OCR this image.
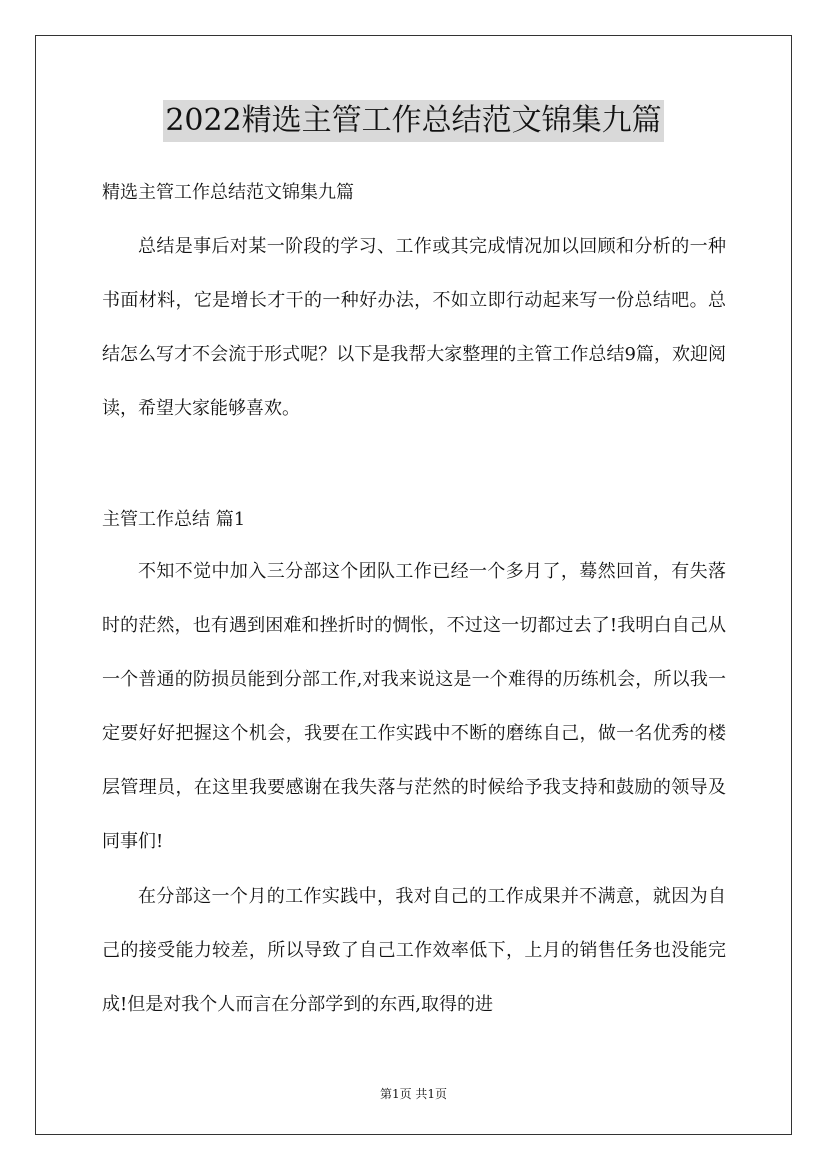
2022精选主管工作总结范文锦集九篇
精选主管工作总结范文锦集九篇

总结是事后对某一阶段的学习、工作或其完成情况加以回顾和分析的一种书面材料，它是增长才干的一种好办法，不如立即行动起来写一份总结吧。总结怎么写才不会流于形式呢？以下是我帮大家整理的主管工作总结9篇，欢迎阅读，希望大家能够喜欢。

主管工作总结 篇1

不知不觉中加入三分部这个团队工作已经一个多月了，蓦然回首，有失落时的茫然，也有遇到困难和挫折时的惆怅，不过这一切都过去了!我明白自己从一个普通的防损员能到分部工作,对我来说这是一个难得的历练机会，所以我一定要好好把握这个机会，我要在工作实践中不断的磨练自己，做一名优秀的楼层管理员，在这里我要感谢在我失落与茫然的时候给予我支持和鼓励的领导及同事们!

在分部这一个月的工作实践中，我对自己的工作成果并不满意，就因为自己的接受能力较差，所以导致了自己工作效率低下，上月的销售任务也没能完成!但是对我个人而言在分部学到的东西,取得的进

第1页 共1页
